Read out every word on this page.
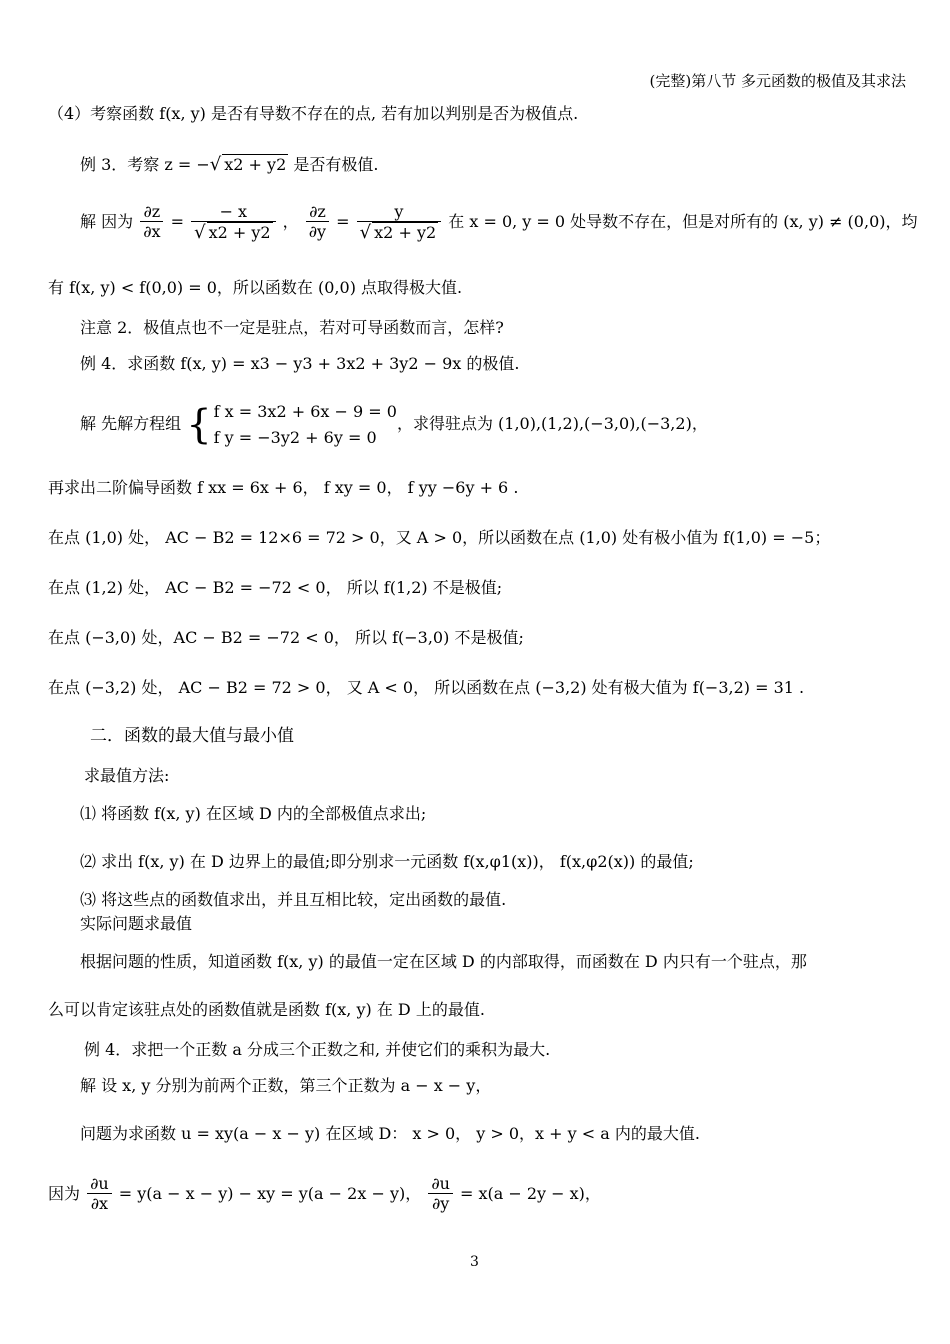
(完整)第八节 多元函数的极值及其求法
（4）考察函数 f(x, y) 是否有导数不存在的点, 若有加以判别是否为极值点.
例 3．考察 z = −√ x2 + y2 是否有极值.
解 因为 $\frac{\partial z}{\partial x} = \frac{- x}{√ x2 + y2}$ ， $\frac{\partial z}{\partial y} = \frac{y}{√ x2 + y2}$ 在 x = 0, y = 0 处导数不存在，但是对所有的 (x, y) ≠ (0,0)，均
有 f(x, y) < f(0,0) = 0，所以函数在 (0,0) 点取得极大值.
注意 2．极值点也不一定是驻点，若对可导函数而言，怎样?
例 4．求函数 f(x, y) = x3 − y3 + 3x2 + 3y2 − 9x 的极值.
解 先解方程组 { f x = 3x2 + 6x − 9 = 0
f y = −3y2 + 6y = 0
，求得驻点为 (1,0),(1,2),(−3,0),(−3,2)，
再求出二阶偏导函数 f xx = 6x + 6， f xy = 0， f yy −6y + 6 .
在点 (1,0) 处， AC − B2 = 12×6 = 72 > 0，又 A > 0，所以函数在点 (1,0) 处有极小值为 f(1,0) = −5；
在点 (1,2) 处， AC − B2 = −72 < 0， 所以 f(1,2) 不是极值;
在点 (−3,0) 处，AC − B2 = −72 < 0， 所以 f(−3,0) 不是极值;
在点 (−3,2) 处， AC − B2 = 72 > 0， 又 A < 0， 所以函数在点 (−3,2) 处有极大值为 f(−3,2) = 31 .
二．函数的最大值与最小值
求最值方法:
⑴ 将函数 f(x, y) 在区域 D 内的全部极值点求出;
⑵ 求出 f(x, y) 在 D 边界上的最值;即分别求一元函数 f(x,φ1(x))， f(x,φ2(x)) 的最值;
⑶ 将这些点的函数值求出，并且互相比较，定出函数的最值.
实际问题求最值
根据问题的性质，知道函数 f(x, y) 的最值一定在区域 D 的内部取得，而函数在 D 内只有一个驻点，那
么可以肯定该驻点处的函数值就是函数 f(x, y) 在 D 上的最值.
例 4．求把一个正数 a 分成三个正数之和, 并使它们的乘积为最大.
解 设 x, y 分别为前两个正数，第三个正数为 a − x − y，
问题为求函数 u = xy(a − x − y) 在区域 D： x > 0， y > 0，x + y < a 内的最大值.
因为 $\frac{\partial u}{\partial x} = y(a - x - y)$ − xy = y(a − 2x − y)， $\frac{\partial u}{\partial y} = x(a - 2y - x)$，
3
